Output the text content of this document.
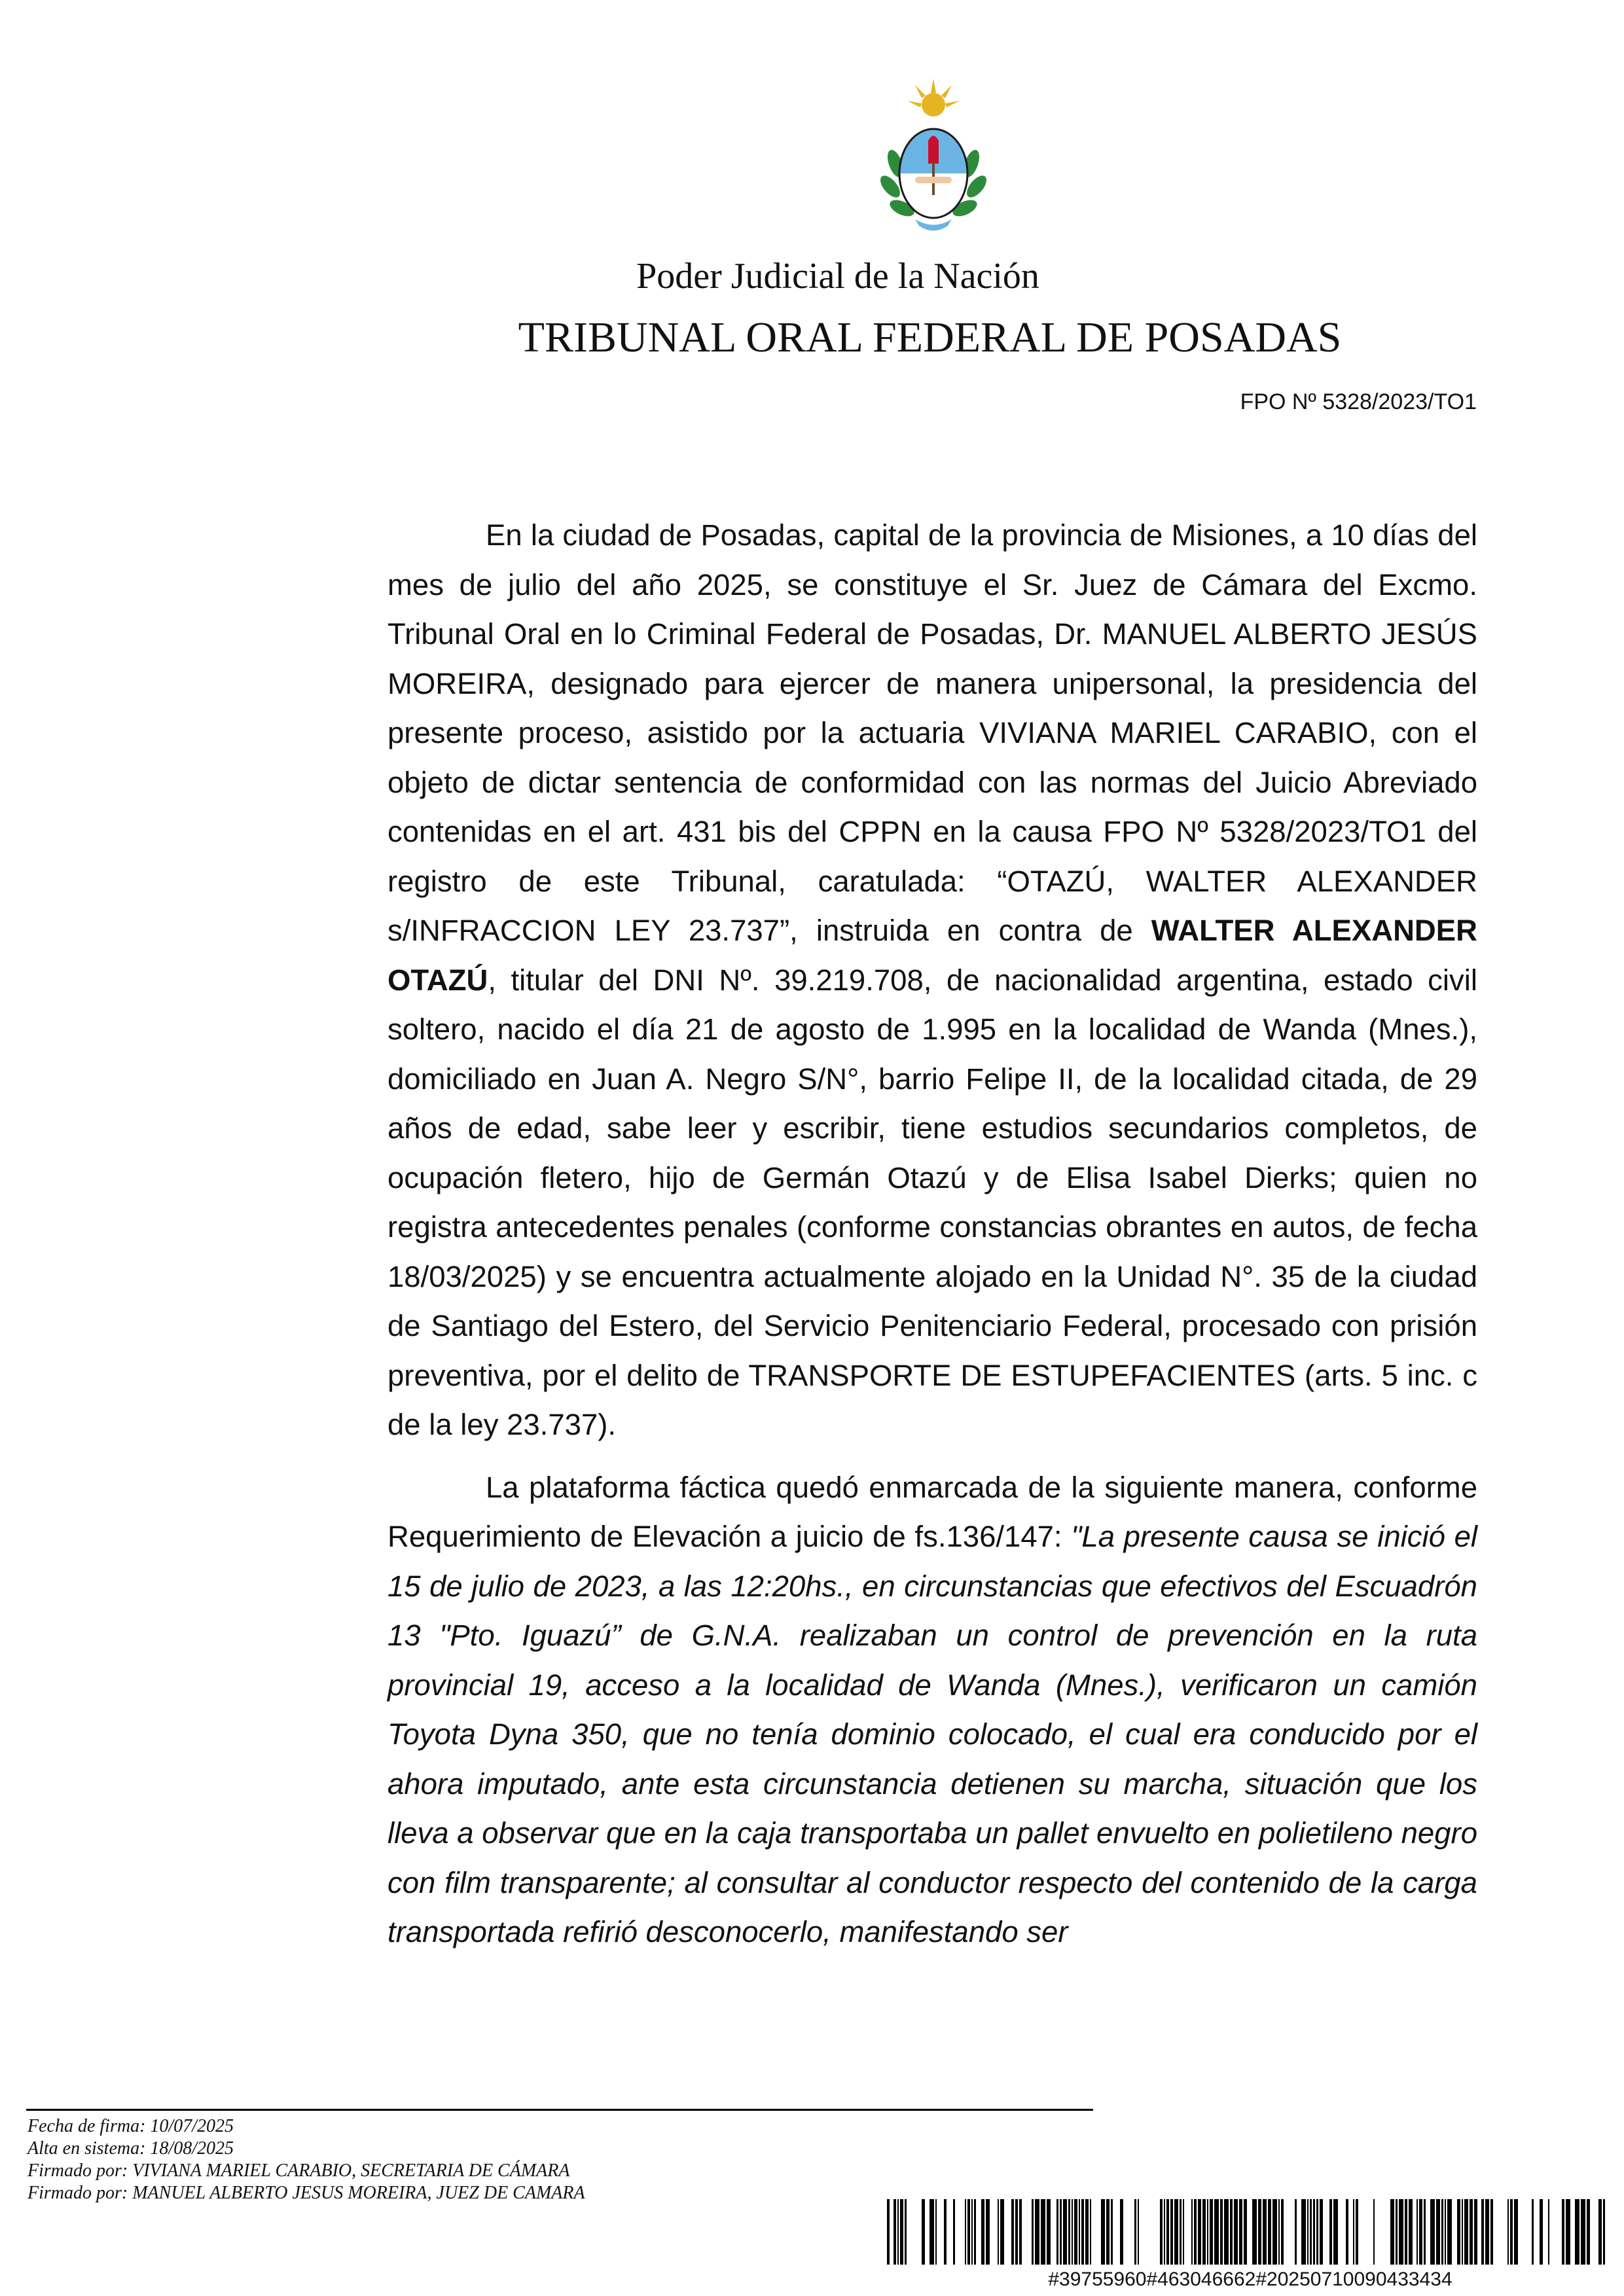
Poder Judicial de la Nación
TRIBUNAL ORAL FEDERAL DE POSADAS
FPO Nº 5328/2023/TO1

En la ciudad de Posadas, capital de la provincia de Misiones, a 10 días del mes de julio del año 2025, se constituye el Sr. Juez de Cámara del Excmo. Tribunal Oral en lo Criminal Federal de Posadas, Dr. MANUEL ALBERTO JESÚS MOREIRA, designado para ejercer de manera unipersonal, la presidencia del presente proceso, asistido por la actuaria VIVIANA MARIEL CARABIO, con el objeto de dictar sentencia de conformidad con las normas del Juicio Abreviado contenidas en el art. 431 bis del CPPN en la causa FPO Nº 5328/2023/TO1 del registro de este Tribunal, caratulada: “OTAZÚ, WALTER ALEXANDER s/INFRACCION LEY 23.737”, instruida en contra de WALTER ALEXANDER OTAZÚ, titular del DNI Nº. 39.219.708, de nacionalidad argentina, estado civil soltero, nacido el día 21 de agosto de 1.995 en la localidad de Wanda (Mnes.), domiciliado en Juan A. Negro S/N°, barrio Felipe II, de la localidad citada, de 29 años de edad, sabe leer y escribir, tiene estudios secundarios completos, de ocupación fletero, hijo de Germán Otazú y de Elisa Isabel Dierks; quien no registra antecedentes penales (conforme constancias obrantes en autos, de fecha 18/03/2025) y se encuentra actualmente alojado en la Unidad N°. 35 de la ciudad de Santiago del Estero, del Servicio Penitenciario Federal, procesado con prisión preventiva, por el delito de TRANSPORTE DE ESTUPEFACIENTES (arts. 5 inc. c de la ley 23.737).

La plataforma fáctica quedó enmarcada de la siguiente manera, conforme Requerimiento de Elevación a juicio de fs.136/147: "La presente causa se inició el 15 de julio de 2023, a las 12:20hs., en circunstancias que efectivos del Escuadrón 13 "Pto. Iguazú” de G.N.A. realizaban un control de prevención en la ruta provincial 19, acceso a la localidad de Wanda (Mnes.), verificaron un camión Toyota Dyna 350, que no tenía dominio colocado, el cual era conducido por el ahora imputado, ante esta circunstancia detienen su marcha, situación que los lleva a observar que en la caja transportaba un pallet envuelto en polietileno negro con film transparente; al consultar al conductor respecto del contenido de la carga transportada refirió desconocerlo, manifestando ser

Fecha de firma: 10/07/2025
Alta en sistema: 18/08/2025
Firmado por: VIVIANA MARIEL CARABIO, SECRETARIA DE CÁMARA
Firmado por: MANUEL ALBERTO JESUS MOREIRA, JUEZ DE CAMARA
#39755960#463046662#20250710090433434
